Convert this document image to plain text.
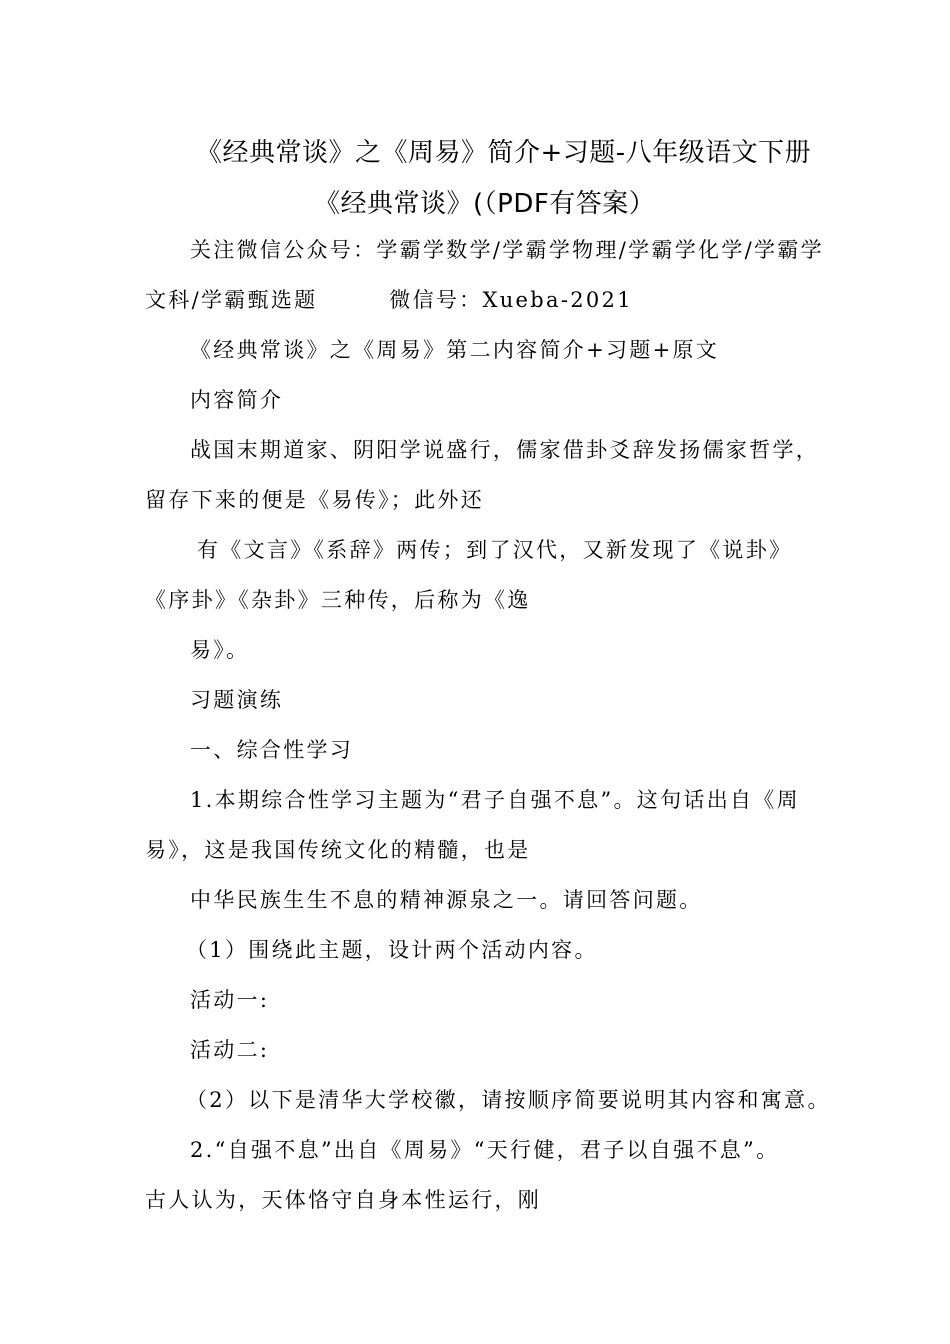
《经典常谈》之《周易》简介+习题-八年级语文下册
《经典常谈》(（PDF有答案）
关注微信公众号：学霸学数学/学霸学物理/学霸学化学/学霸学
文科/学霸甄选题        微信号：Xueba-2021
《经典常谈》之《周易》第二内容简介+习题+原文
内容简介
战国末期道家、阴阳学说盛行，儒家借卦爻辞发扬儒家哲学，
留存下来的便是《易传》；此外还
有《文言》《系辞》两传；到了汉代，又新发现了《说卦》
《序卦》《杂卦》三种传，后称为《逸
易》。
习题演练
一、综合性学习
1.本期综合性学习主题为“君子自强不息”。这句话出自《周
易》，这是我国传统文化的精髓，也是
中华民族生生不息的精神源泉之一。请回答问题。
（1）围绕此主题，设计两个活动内容。
活动一:
活动二:
（2）以下是清华大学校徽，请按顺序简要说明其内容和寓意。
2.“自强不息”出自《周易》“天行健，君子以自强不息”。
古人认为，天体恪守自身本性运行，刚
